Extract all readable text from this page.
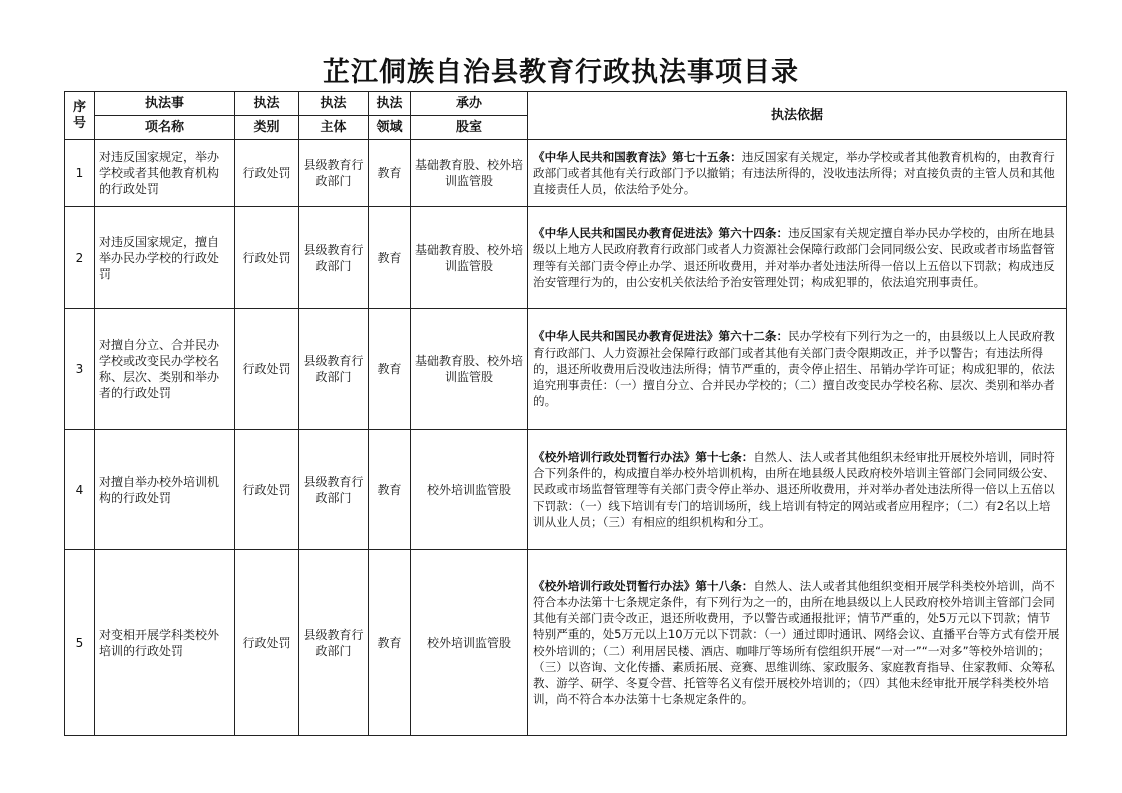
芷江侗族自治县教育行政执法事项目录
序
号	执法事	执法	执法	执法	承办	执法依据
	项名称	类别	主体	领域	股室	
1	对违反国家规定，举办学校或者其他教育机构的行政处罚	行政处罚	县级教育行政部门	教育	基础教育股、校外培训监管股	《中华人民共和国教育法》第七十五条：违反国家有关规定，举办学校或者其他教育机构的，由教育行政部门或者其他有关行政部门予以撤销；有违法所得的，没收违法所得；对直接负责的主管人员和其他直接责任人员，依法给予处分。
2	对违反国家规定，擅自举办民办学校的行政处罚	行政处罚	县级教育行政部门	教育	基础教育股、校外培训监管股	《中华人民共和国民办教育促进法》第六十四条：违反国家有关规定擅自举办民办学校的，由所在地县级以上地方人民政府教育行政部门或者人力资源社会保障行政部门会同同级公安、民政或者市场监督管理等有关部门责令停止办学、退还所收费用，并对举办者处违法所得一倍以上五倍以下罚款；构成违反治安管理行为的，由公安机关依法给予治安管理处罚；构成犯罪的，依法追究刑事责任。
3	对擅自分立、合并民办学校或改变民办学校名称、层次、类别和举办者的行政处罚	行政处罚	县级教育行政部门	教育	基础教育股、校外培训监管股	《中华人民共和国民办教育促进法》第六十二条：民办学校有下列行为之一的，由县级以上人民政府教育行政部门、人力资源社会保障行政部门或者其他有关部门责令限期改正，并予以警告；有违法所得的，退还所收费用后没收违法所得；情节严重的，责令停止招生、吊销办学许可证；构成犯罪的，依法追究刑事责任：（一）擅自分立、合并民办学校的；（二）擅自改变民办学校名称、层次、类别和举办者的。
4	对擅自举办校外培训机构的行政处罚	行政处罚	县级教育行政部门	教育	校外培训监管股	《校外培训行政处罚暂行办法》第十七条：自然人、法人或者其他组织未经审批开展校外培训，同时符合下列条件的，构成擅自举办校外培训机构，由所在地县级人民政府校外培训主管部门会同同级公安、民政或市场监督管理等有关部门责令停止举办、退还所收费用，并对举办者处违法所得一倍以上五倍以下罚款：（一）线下培训有专门的培训场所，线上培训有特定的网站或者应用程序；（二）有2名以上培训从业人员；（三）有相应的组织机构和分工。
5	对变相开展学科类校外培训的行政处罚	行政处罚	县级教育行政部门	教育	校外培训监管股	《校外培训行政处罚暂行办法》第十八条：自然人、法人或者其他组织变相开展学科类校外培训，尚不符合本办法第十七条规定条件，有下列行为之一的，由所在地县级以上人民政府校外培训主管部门会同其他有关部门责令改正，退还所收费用，予以警告或通报批评；情节严重的，处5万元以下罚款；情节特别严重的，处5万元以上10万元以下罚款：（一）通过即时通讯、网络会议、直播平台等方式有偿开展校外培训的；（二）利用居民楼、酒店、咖啡厅等场所有偿组织开展“一对一”“一对多”等校外培训的；（三）以咨询、文化传播、素质拓展、竞赛、思维训练、家政服务、家庭教育指导、住家教师、众筹私教、游学、研学、冬夏令营、托管等名义有偿开展校外培训的；（四）其他未经审批开展学科类校外培训，尚不符合本办法第十七条规定条件的。
